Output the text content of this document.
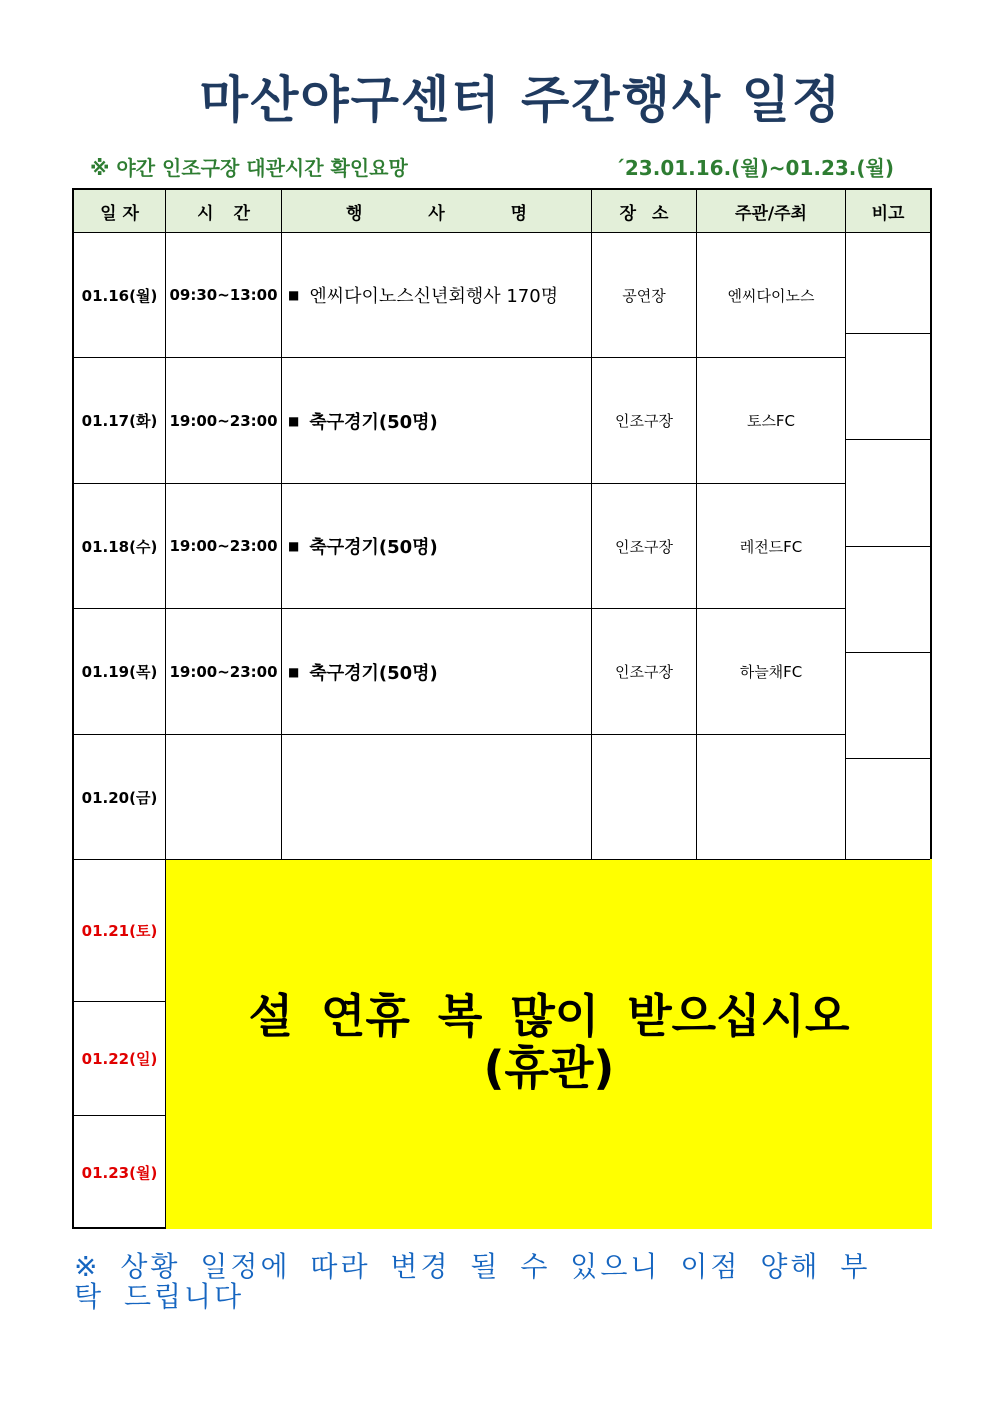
마산야구센터 주간행사 일정
※ 야간 인조구장 대관시간 확인요망	´23.01.16.(월)~01.23.(월)
일 자	시 간	행 사 명	장 소	주관/주최	비고
01.16(월) 09:30~13:00 ■ 엔씨다이노스신년회행사 170명	공연장	엔씨다이노스
01.17(화) 19:00~23:00 ■ 축구경기(50명)	인조구장	토스FC
01.18(수) 19:00~23:00 ■ 축구경기(50명)	인조구장	레전드FC
01.19(목) 19:00~23:00 ■ 축구경기(50명)	인조구장	하늘채FC
01.20(금)
01.21(토)
01.22(일)
01.23(월)
설 연휴 복 많이 받으십시오
(휴관)
※ 상황 일정에 따라 변경 될 수 있으니 이점 양해 부탁 드립니다
